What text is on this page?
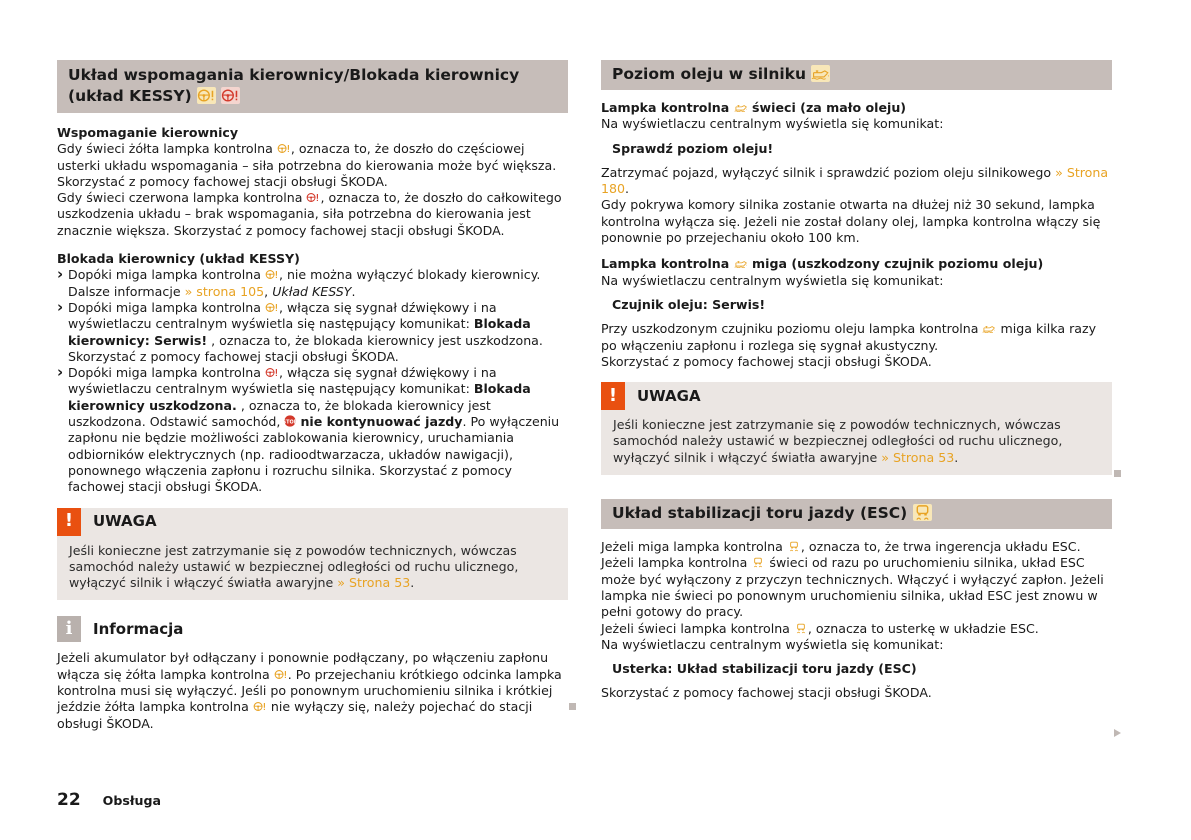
Układ wspomagania kierownicy/Blokada kierownicy (układ KESSY)
Wspomaganie kierownicy
Gdy świeci żółta lampka kontrolna , oznacza to, że doszło do częściowej usterki układu wspomagania – siła potrzebna do kierowania może być większa. Skorzystać z pomocy fachowej stacji obsługi ŠKODA.
Gdy świeci czerwona lampka kontrolna , oznacza to, że doszło do całkowitego uszkodzenia układu – brak wspomagania, siła potrzebna do kierowania jest znacznie większa. Skorzystać z pomocy fachowej stacji obsługi ŠKODA.
Blokada kierownicy (układ KESSY)
› Dopóki miga lampka kontrolna , nie można wyłączyć blokady kierownicy. Dalsze informacje » strona 105, Układ KESSY.
› Dopóki miga lampka kontrolna , włącza się sygnał dźwiękowy i na wyświetlaczu centralnym wyświetla się następujący komunikat: Blokada kierownicy: Serwis! , oznacza to, że blokada kierownicy jest uszkodzona. Skorzystać z pomocy fachowej stacji obsługi ŠKODA.
› Dopóki miga lampka kontrolna , włącza się sygnał dźwiękowy i na wyświetlaczu centralnym wyświetla się następujący komunikat: Blokada kierownicy uszkodzona. , oznacza to, że blokada kierownicy jest uszkodzona. Odstawić samochód, STOP nie kontynuować jazdy. Po wyłączeniu zapłonu nie będzie możliwości zablokowania kierownicy, uruchamiania odbiorników elektrycznych (np. radioodtwarzacza, układów nawigacji), ponownego włączenia zapłonu i rozruchu silnika. Skorzystać z pomocy fachowej stacji obsługi ŠKODA.
!	UWAGA
Jeśli konieczne jest zatrzymanie się z powodów technicznych, wówczas samochód należy ustawić w bezpiecznej odległości od ruchu ulicznego, wyłączyć silnik i włączyć światła awaryjne » Strona 53.
i	Informacja
Jeżeli akumulator był odłączany i ponownie podłączany, po włączeniu zapłonu włącza się żółta lampka kontrolna . Po przejechaniu krótkiego odcinka lampka kontrolna musi się wyłączyć. Jeśli po ponownym uruchomieniu silnika i krótkiej jeździe żółta lampka kontrolna nie wyłączy się, należy pojechać do stacji obsługi ŠKODA.
Poziom oleju w silniku
Lampka kontrolna świeci (za mało oleju)
Na wyświetlaczu centralnym wyświetla się komunikat:
Sprawdź poziom oleju!
Zatrzymać pojazd, wyłączyć silnik i sprawdzić poziom oleju silnikowego » Strona 180.
Gdy pokrywa komory silnika zostanie otwarta na dłużej niż 30 sekund, lampka kontrolna wyłącza się. Jeżeli nie został dolany olej, lampka kontrolna włączy się ponownie po przejechaniu około 100 km.
Lampka kontrolna miga (uszkodzony czujnik poziomu oleju)
Na wyświetlaczu centralnym wyświetla się komunikat:
Czujnik oleju: Serwis!
Przy uszkodzonym czujniku poziomu oleju lampka kontrolna miga kilka razy po włączeniu zapłonu i rozlega się sygnał akustyczny.
Skorzystać z pomocy fachowej stacji obsługi ŠKODA.
!	UWAGA
Jeśli konieczne jest zatrzymanie się z powodów technicznych, wówczas samochód należy ustawić w bezpiecznej odległości od ruchu ulicznego, wyłączyć silnik i włączyć światła awaryjne » Strona 53.
Układ stabilizacji toru jazdy (ESC)
Jeżeli miga lampka kontrolna , oznacza to, że trwa ingerencja układu ESC.
Jeżeli lampka kontrolna świeci od razu po uruchomieniu silnika, układ ESC może być wyłączony z przyczyn technicznych. Włączyć i wyłączyć zapłon. Jeżeli lampka nie świeci po ponownym uruchomieniu silnika, układ ESC jest znowu w pełni gotowy do pracy.
Jeżeli świeci lampka kontrolna , oznacza to usterkę w układzie ESC.
Na wyświetlaczu centralnym wyświetla się komunikat:
Usterka: Układ stabilizacji toru jazdy (ESC)
Skorzystać z pomocy fachowej stacji obsługi ŠKODA.
22 Obsługa
